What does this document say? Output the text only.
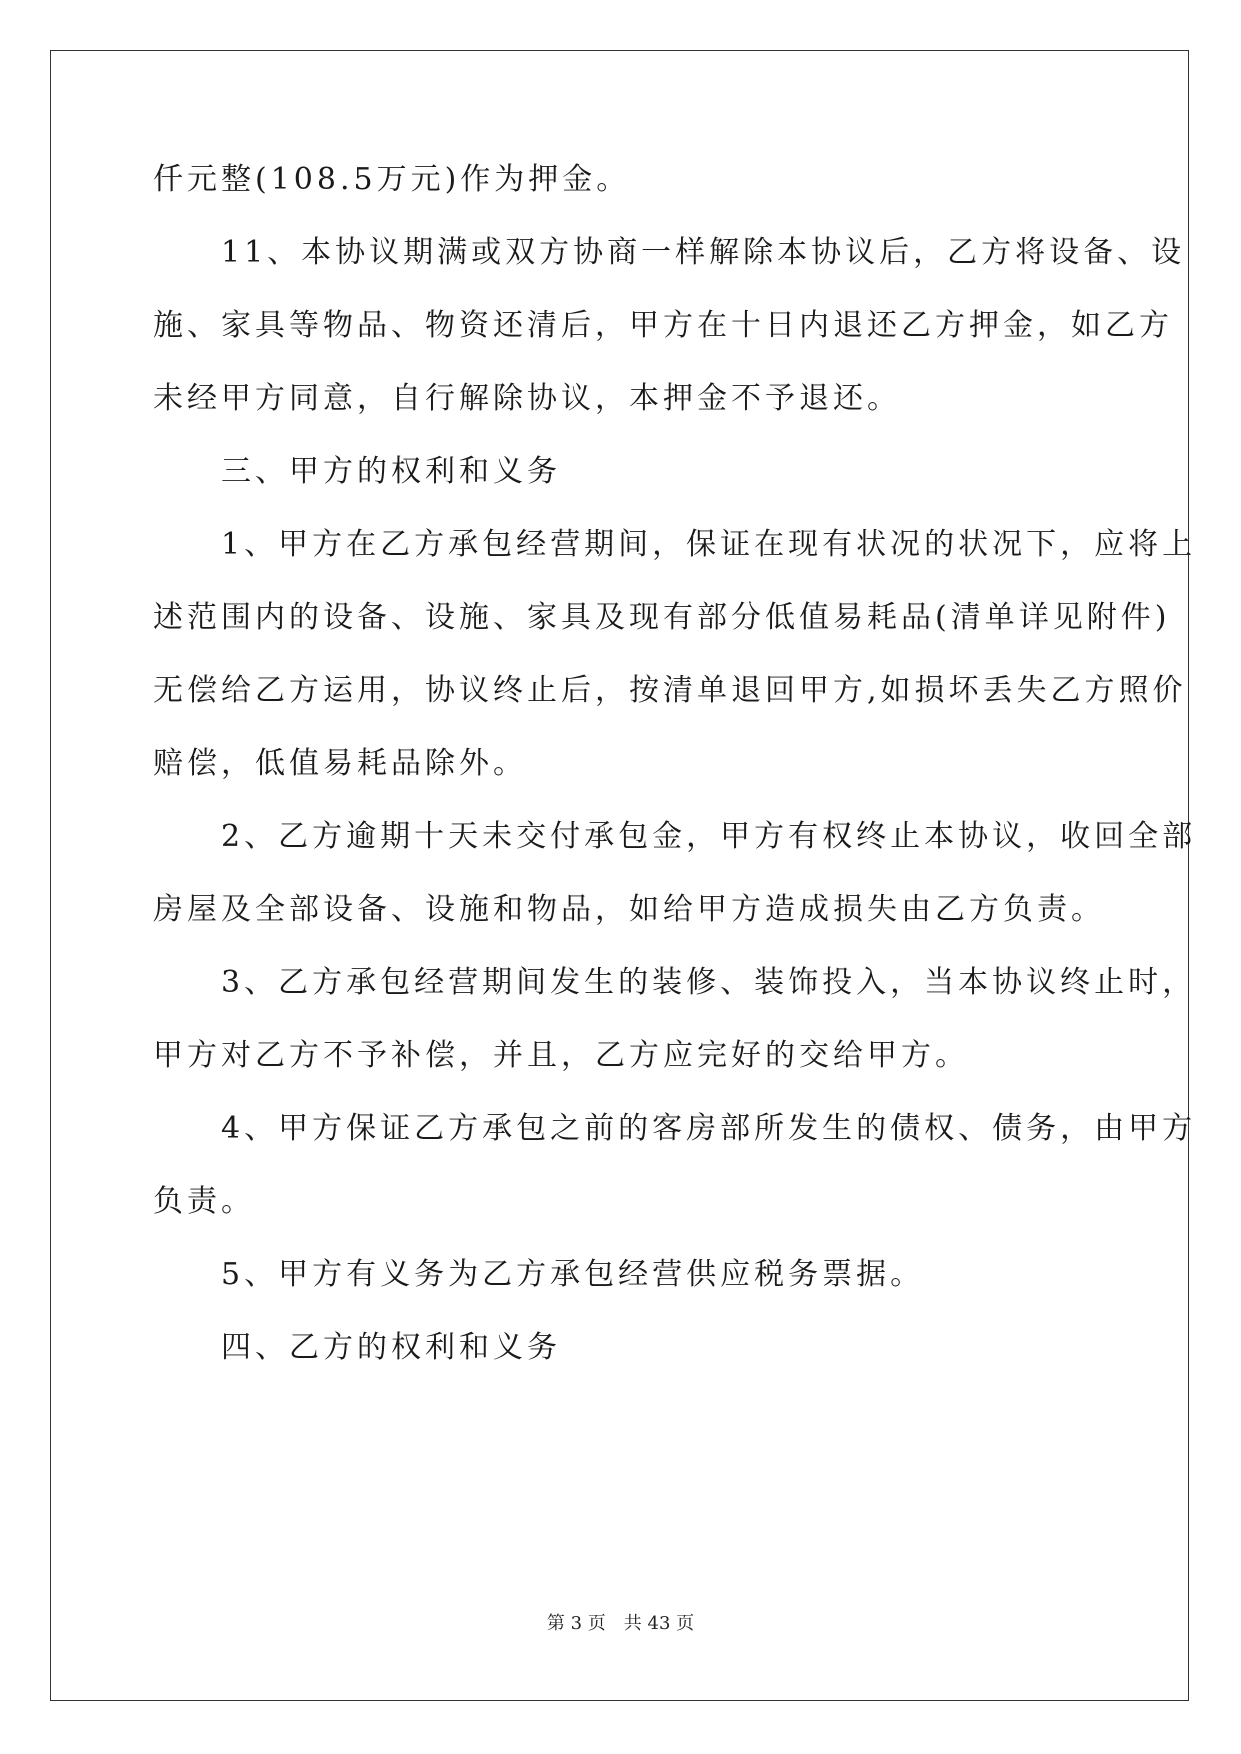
仟元整(108.5万元)作为押金。
　　11、本协议期满或双方协商一样解除本协议后，乙方将设备、设
施、家具等物品、物资还清后，甲方在十日内退还乙方押金，如乙方
未经甲方同意，自行解除协议，本押金不予退还。
　　三、甲方的权利和义务
　　1、甲方在乙方承包经营期间，保证在现有状况的状况下，应将上
述范围内的设备、设施、家具及现有部分低值易耗品(清单详见附件)
无偿给乙方运用，协议终止后，按清单退回甲方,如损坏丢失乙方照价
赔偿，低值易耗品除外。
　　2、乙方逾期十天未交付承包金，甲方有权终止本协议，收回全部
房屋及全部设备、设施和物品，如给甲方造成损失由乙方负责。
　　3、乙方承包经营期间发生的装修、装饰投入，当本协议终止时，
甲方对乙方不予补偿，并且，乙方应完好的交给甲方。
　　4、甲方保证乙方承包之前的客房部所发生的债权、债务，由甲方
负责。
　　5、甲方有义务为乙方承包经营供应税务票据。
　　四、乙方的权利和义务
第 3 页　共 43 页
